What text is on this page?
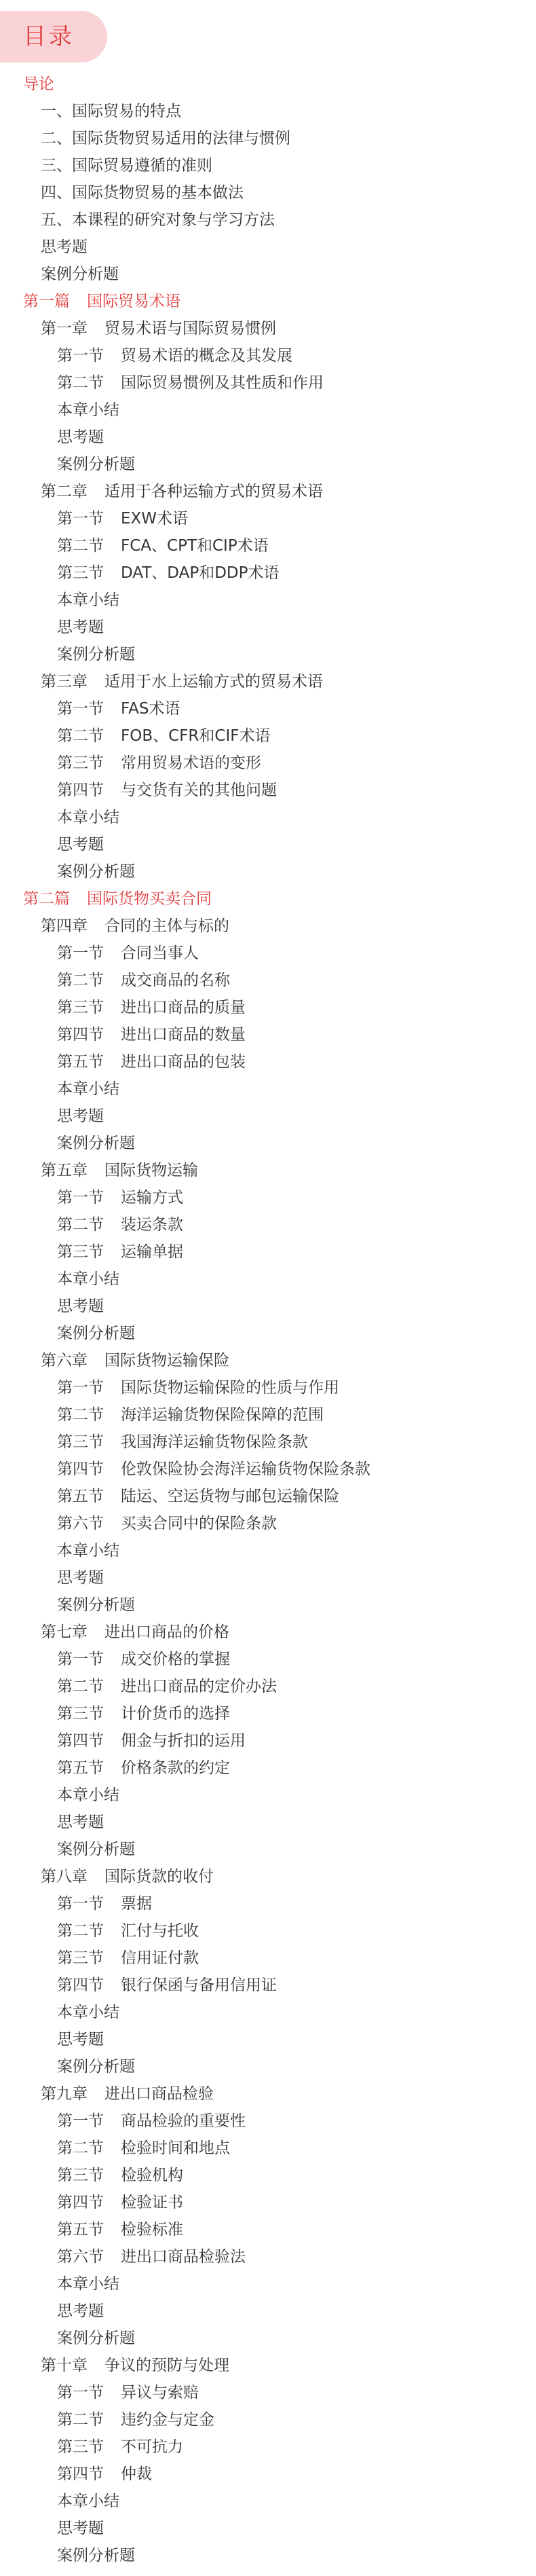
目录
导论
一、国际贸易的特点
二、国际货物贸易适用的法律与惯例
三、国际贸易遵循的准则
四、国际货物贸易的基本做法
五、本课程的研究对象与学习方法
思考题
案例分析题
第一篇	国际贸易术语
第一章	贸易术语与国际贸易惯例
第一节	贸易术语的概念及其发展
第二节	国际贸易惯例及其性质和作用
本章小结
思考题
案例分析题
第二章	适用于各种运输方式的贸易术语
第一节	EXW术语
第二节	FCA、CPT和CIP术语
第三节	DAT、DAP和DDP术语
本章小结
思考题
案例分析题
第三章	适用于水上运输方式的贸易术语
第一节	FAS术语
第二节	FOB、CFR和CIF术语
第三节	常用贸易术语的变形
第四节	与交货有关的其他问题
本章小结
思考题
案例分析题
第二篇	国际货物买卖合同
第四章	合同的主体与标的
第一节	合同当事人
第二节	成交商品的名称
第三节	进出口商品的质量
第四节	进出口商品的数量
第五节	进出口商品的包装
本章小结
思考题
案例分析题
第五章	国际货物运输
第一节	运输方式
第二节	装运条款
第三节	运输单据
本章小结
思考题
案例分析题
第六章	国际货物运输保险
第一节	国际货物运输保险的性质与作用
第二节	海洋运输货物保险保障的范围
第三节	我国海洋运输货物保险条款
第四节	伦敦保险协会海洋运输货物保险条款
第五节	陆运、空运货物与邮包运输保险
第六节	买卖合同中的保险条款
本章小结
思考题
案例分析题
第七章	进出口商品的价格
第一节	成交价格的掌握
第二节	进出口商品的定价办法
第三节	计价货币的选择
第四节	佣金与折扣的运用
第五节	价格条款的约定
本章小结
思考题
案例分析题
第八章	国际货款的收付
第一节	票据
第二节	汇付与托收
第三节	信用证付款
第四节	银行保函与备用信用证
本章小结
思考题
案例分析题
第九章	进出口商品检验
第一节	商品检验的重要性
第二节	检验时间和地点
第三节	检验机构
第四节	检验证书
第五节	检验标准
第六节	进出口商品检验法
本章小结
思考题
案例分析题
第十章	争议的预防与处理
第一节	异议与索赔
第二节	违约金与定金
第三节	不可抗力
第四节	仲裁
本章小结
思考题
案例分析题
